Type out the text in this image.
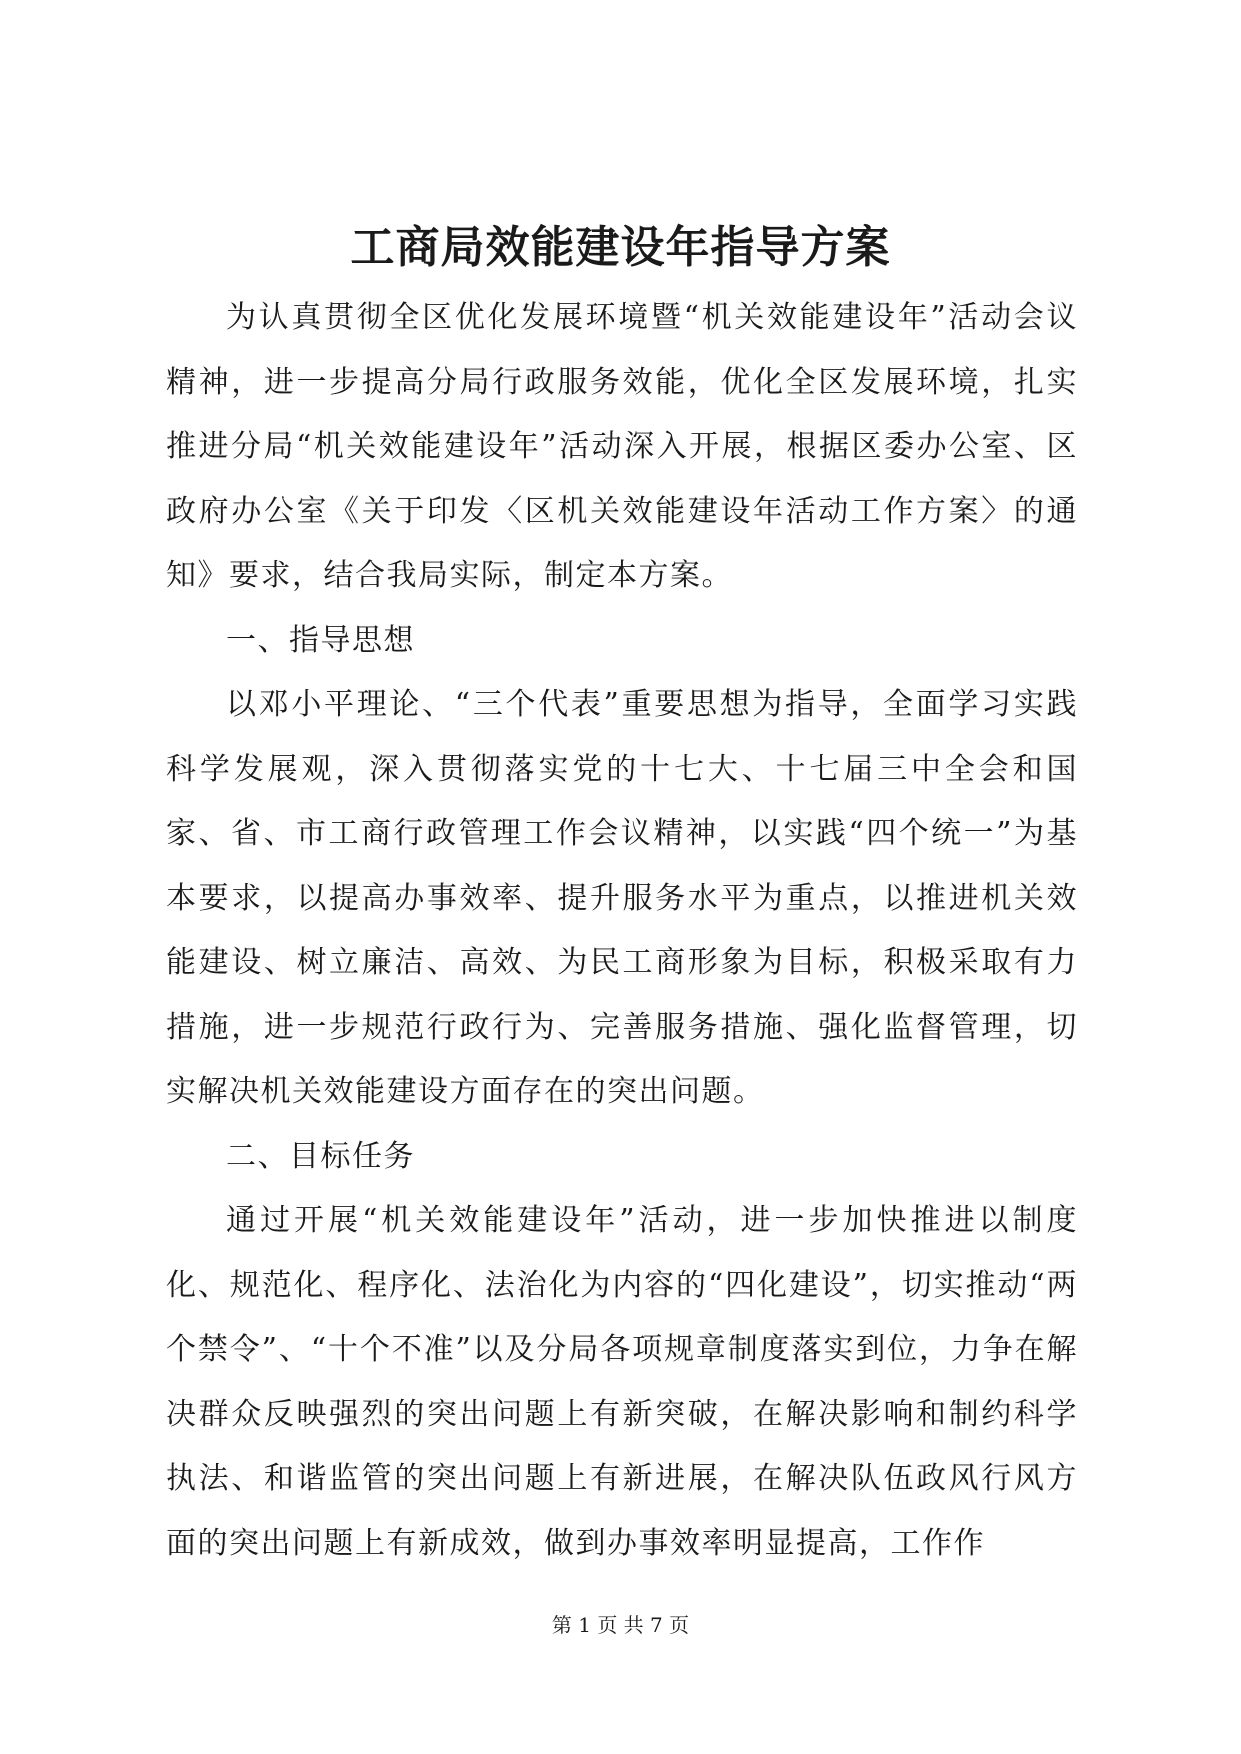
工商局效能建设年指导方案

为认真贯彻全区优化发展环境暨“机关效能建设年”活动会议精神，进一步提高分局行政服务效能，优化全区发展环境，扎实推进分局“机关效能建设年”活动深入开展，根据区委办公室、区政府办公室《关于印发〈区机关效能建设年活动工作方案〉的通知》要求，结合我局实际，制定本方案。

一、指导思想

以邓小平理论、“三个代表”重要思想为指导，全面学习实践科学发展观，深入贯彻落实党的十七大、十七届三中全会和国家、省、市工商行政管理工作会议精神，以实践“四个统一”为基本要求，以提高办事效率、提升服务水平为重点，以推进机关效能建设、树立廉洁、高效、为民工商形象为目标，积极采取有力措施，进一步规范行政行为、完善服务措施、强化监督管理，切实解决机关效能建设方面存在的突出问题。

二、目标任务

通过开展“机关效能建设年”活动，进一步加快推进以制度化、规范化、程序化、法治化为内容的“四化建设”，切实推动“两个禁令”、“十个不准”以及分局各项规章制度落实到位，力争在解决群众反映强烈的突出问题上有新突破，在解决影响和制约科学执法、和谐监管的突出问题上有新进展，在解决队伍政风行风方面的突出问题上有新成效，做到办事效率明显提高，工作作

第 1 页 共 7 页
